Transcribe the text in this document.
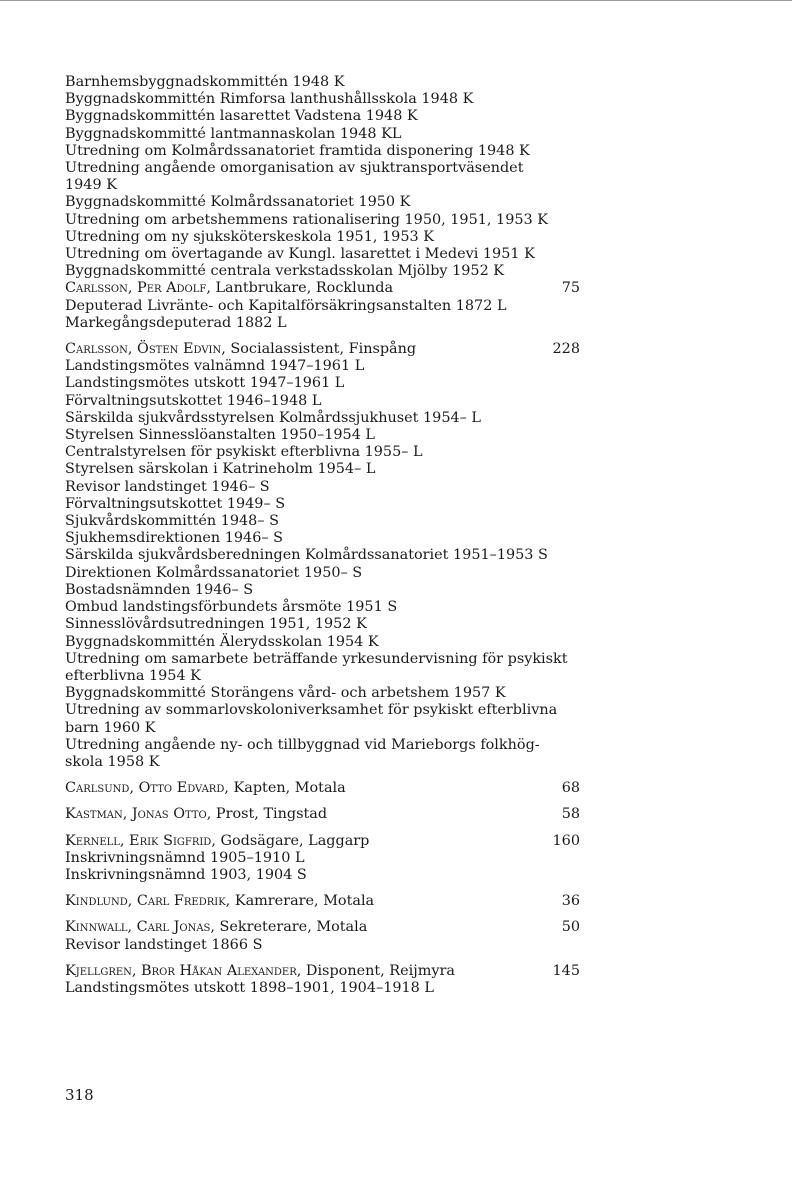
Barnhemsbyggnadskommittén 1948 K
Byggnadskommittén Rimforsa lanthushållsskola 1948 K
Byggnadskommittén lasarettet Vadstena 1948 K
Byggnadskommitté lantmannaskolan 1948 KL
Utredning om Kolmårdssanatoriet framtida disponering 1948 K
Utredning angående omorganisation av sjuktransportväsendet
1949 K
Byggnadskommitté Kolmårdssanatoriet 1950 K
Utredning om arbetshemmens rationalisering 1950, 1951, 1953 K
Utredning om ny sjuksköterskeskola 1951, 1953 K
Utredning om övertagande av Kungl. lasarettet i Medevi 1951 K
Byggnadskommitté centrala verkstadsskolan Mjölby 1952 K
Carlsson, Per Adolf, Lantbrukare, Rocklunda	75
Deputerad Livränte- och Kapitalförsäkringsanstalten 1872 L
Markegångsdeputerad 1882 L
Carlsson, Östen Edvin, Socialassistent, Finspång	228
Landstingsmötes valnämnd 1947–1961 L
Landstingsmötes utskott 1947–1961 L
Förvaltningsutskottet 1946–1948 L
Särskilda sjukvårdsstyrelsen Kolmårdssjukhuset 1954– L
Styrelsen Sinnesslöanstalten 1950–1954 L
Centralstyrelsen för psykiskt efterblivna 1955– L
Styrelsen särskolan i Katrineholm 1954– L
Revisor landstinget 1946– S
Förvaltningsutskottet 1949– S
Sjukvårdskommittén 1948– S
Sjukhemsdirektionen 1946– S
Särskilda sjukvårdsberedningen Kolmårdssanatoriet 1951–1953 S
Direktionen Kolmårdssanatoriet 1950– S
Bostadsnämnden 1946– S
Ombud landstingsförbundets årsmöte 1951 S
Sinnesslövårdsutredningen 1951, 1952 K
Byggnadskommittén Älerydsskolan 1954 K
Utredning om samarbete beträffande yrkesundervisning för psykiskt
efterblivna 1954 K
Byggnadskommitté Storängens vård- och arbetshem 1957 K
Utredning av sommarlovskoloniverksamhet för psykiskt efterblivna
barn 1960 K
Utredning angående ny- och tillbyggnad vid Marieborgs folkhög-
skola 1958 K
Carlsund, Otto Edvard, Kapten, Motala	68
Kastman, Jonas Otto, Prost, Tingstad	58
Kernell, Erik Sigfrid, Godsägare, Laggarp	160
Inskrivningsnämnd 1905–1910 L
Inskrivningsnämnd 1903, 1904 S
Kindlund, Carl Fredrik, Kamrerare, Motala	36
Kinnwall, Carl Jonas, Sekreterare, Motala	50
Revisor landstinget 1866 S
Kjellgren, Bror Håkan Alexander, Disponent, Reijmyra	145
Landstingsmötes utskott 1898–1901, 1904–1918 L
318
